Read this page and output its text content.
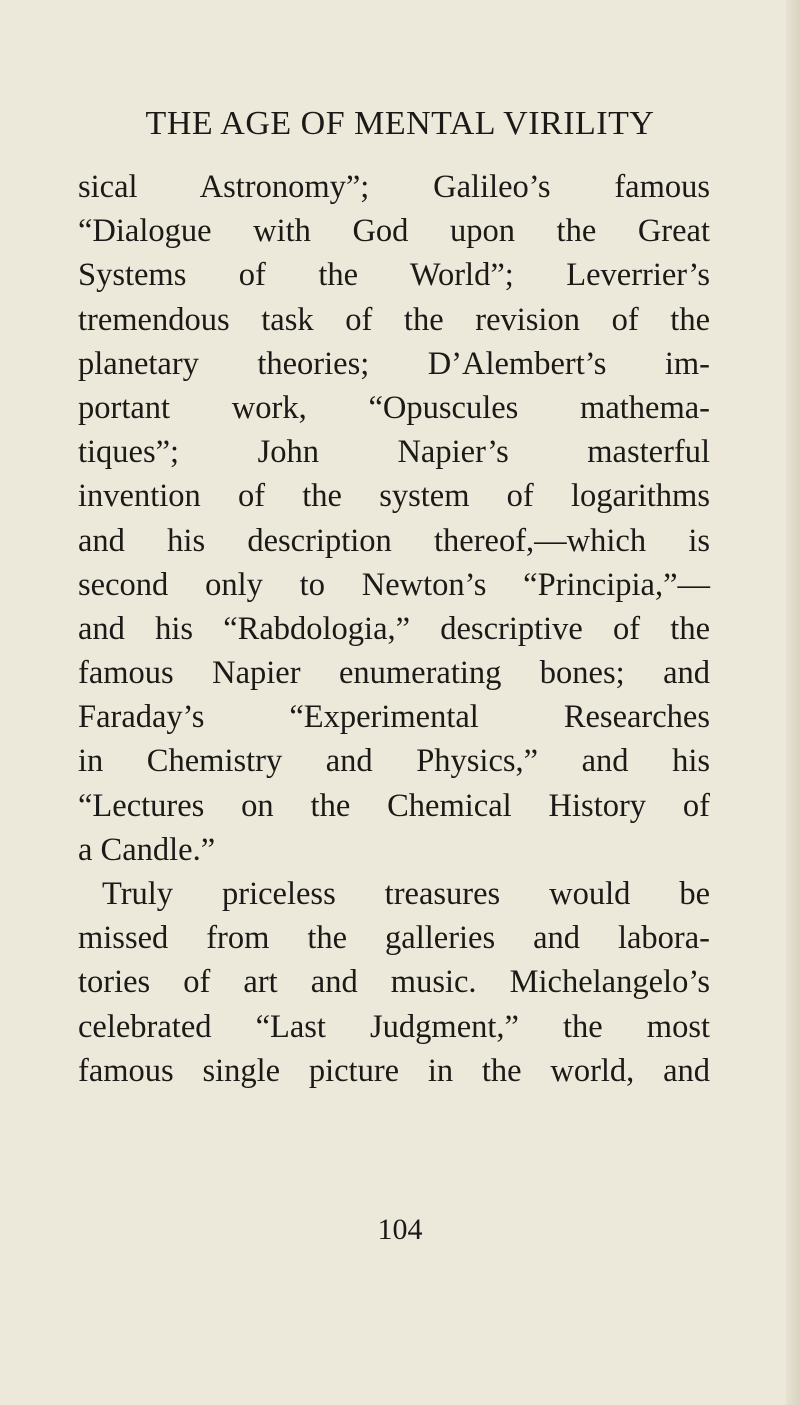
THE AGE OF MENTAL VIRILITY
sical Astronomy”; Galileo’s famous
“Dialogue with God upon the Great
Systems of the World”; Leverrier’s
tremendous task of the revision of the
planetary theories; D’Alembert’s im-
portant work, “Opuscules mathema-
tiques”; John Napier’s masterful
invention of the system of logarithms
and his description thereof,—which is
second only to Newton’s “Principia,”—
and his “Rabdologia,” descriptive of the
famous Napier enumerating bones; and
Faraday’s “Experimental Researches
in Chemistry and Physics,” and his
“Lectures on the Chemical History of
a Candle.”
Truly priceless treasures would be
missed from the galleries and labora-
tories of art and music. Michelangelo’s
celebrated “Last Judgment,” the most
famous single picture in the world, and
104
